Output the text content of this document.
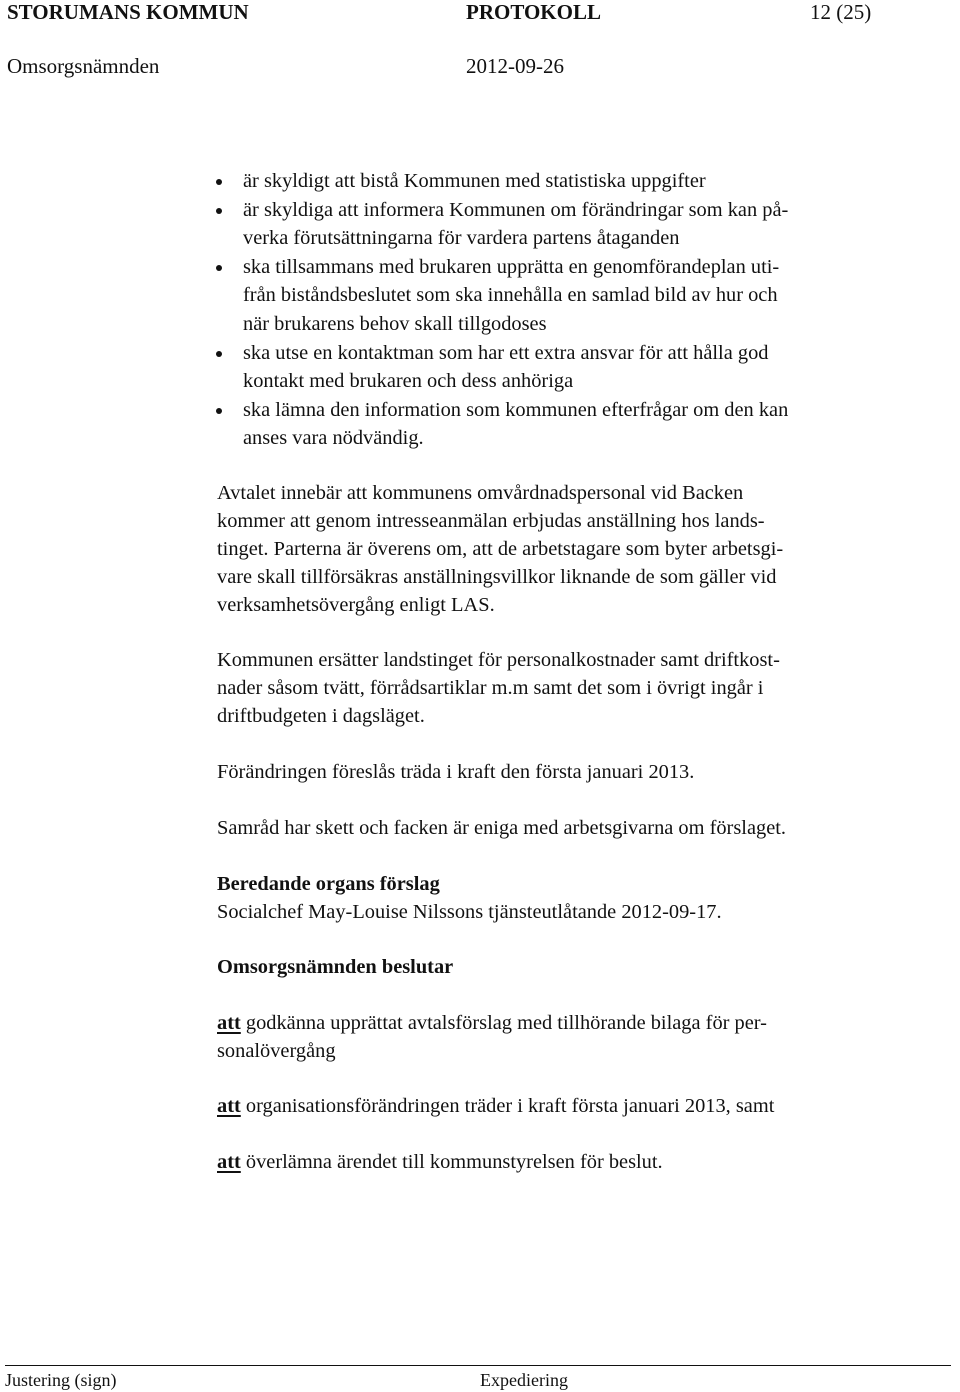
STORUMANS KOMMUN	PROTOKOLL	12 (25)
Omsorgsnämnden	2012-09-26
är skyldigt att bistå Kommunen med statistiska uppgifter
är skyldiga att informera Kommunen om förändringar som kan på-
verka förutsättningarna för vardera partens åtaganden
ska tillsammans med brukaren upprätta en genomförandeplan uti-
från biståndsbeslutet som ska innehålla en samlad bild av hur och
när brukarens behov skall tillgodoses
ska utse en kontaktman som har ett extra ansvar för att hålla god
kontakt med brukaren och dess anhöriga
ska lämna den information som kommunen efterfrågar om den kan
anses vara nödvändig.
Avtalet innebär att kommunens omvårdnadspersonal vid Backen
kommer att genom intresseanmälan erbjudas anställning hos lands-
tinget. Parterna är överens om, att de arbetstagare som byter arbetsgi-
vare skall tillförsäkras anställningsvillkor liknande de som gäller vid
verksamhetsövergång enligt LAS.
Kommunen ersätter landstinget för personalkostnader samt driftkost-
nader såsom tvätt, förrådsartiklar m.m samt det som i övrigt ingår i
driftbudgeten i dagsläget.
Förändringen föreslås träda i kraft den första januari 2013.
Samråd har skett och facken är eniga med arbetsgivarna om förslaget.
Beredande organs förslag
Socialchef May-Louise Nilssons tjänsteutlåtande 2012-09-17.
Omsorgsnämnden beslutar
att godkänna upprättat avtalsförslag med tillhörande bilaga för per-
sonalövergång
att organisationsförändringen träder i kraft första januari 2013, samt
att överlämna ärendet till kommunstyrelsen för beslut.
Justering (sign)	Expediering
